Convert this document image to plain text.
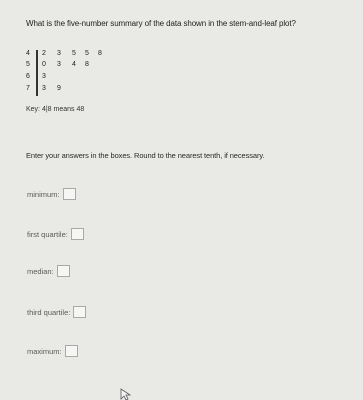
What is the five-number summary of the data shown in the stem-and-leaf plot?
4	2	3	5	5	8
5	0	3	4	8
6	3
7	3	9
Key: 4|8 means 48
Enter your answers in the boxes. Round to the nearest tenth, if necessary.
minimum:
first quartile:
median:
third quartile:
maximum:
